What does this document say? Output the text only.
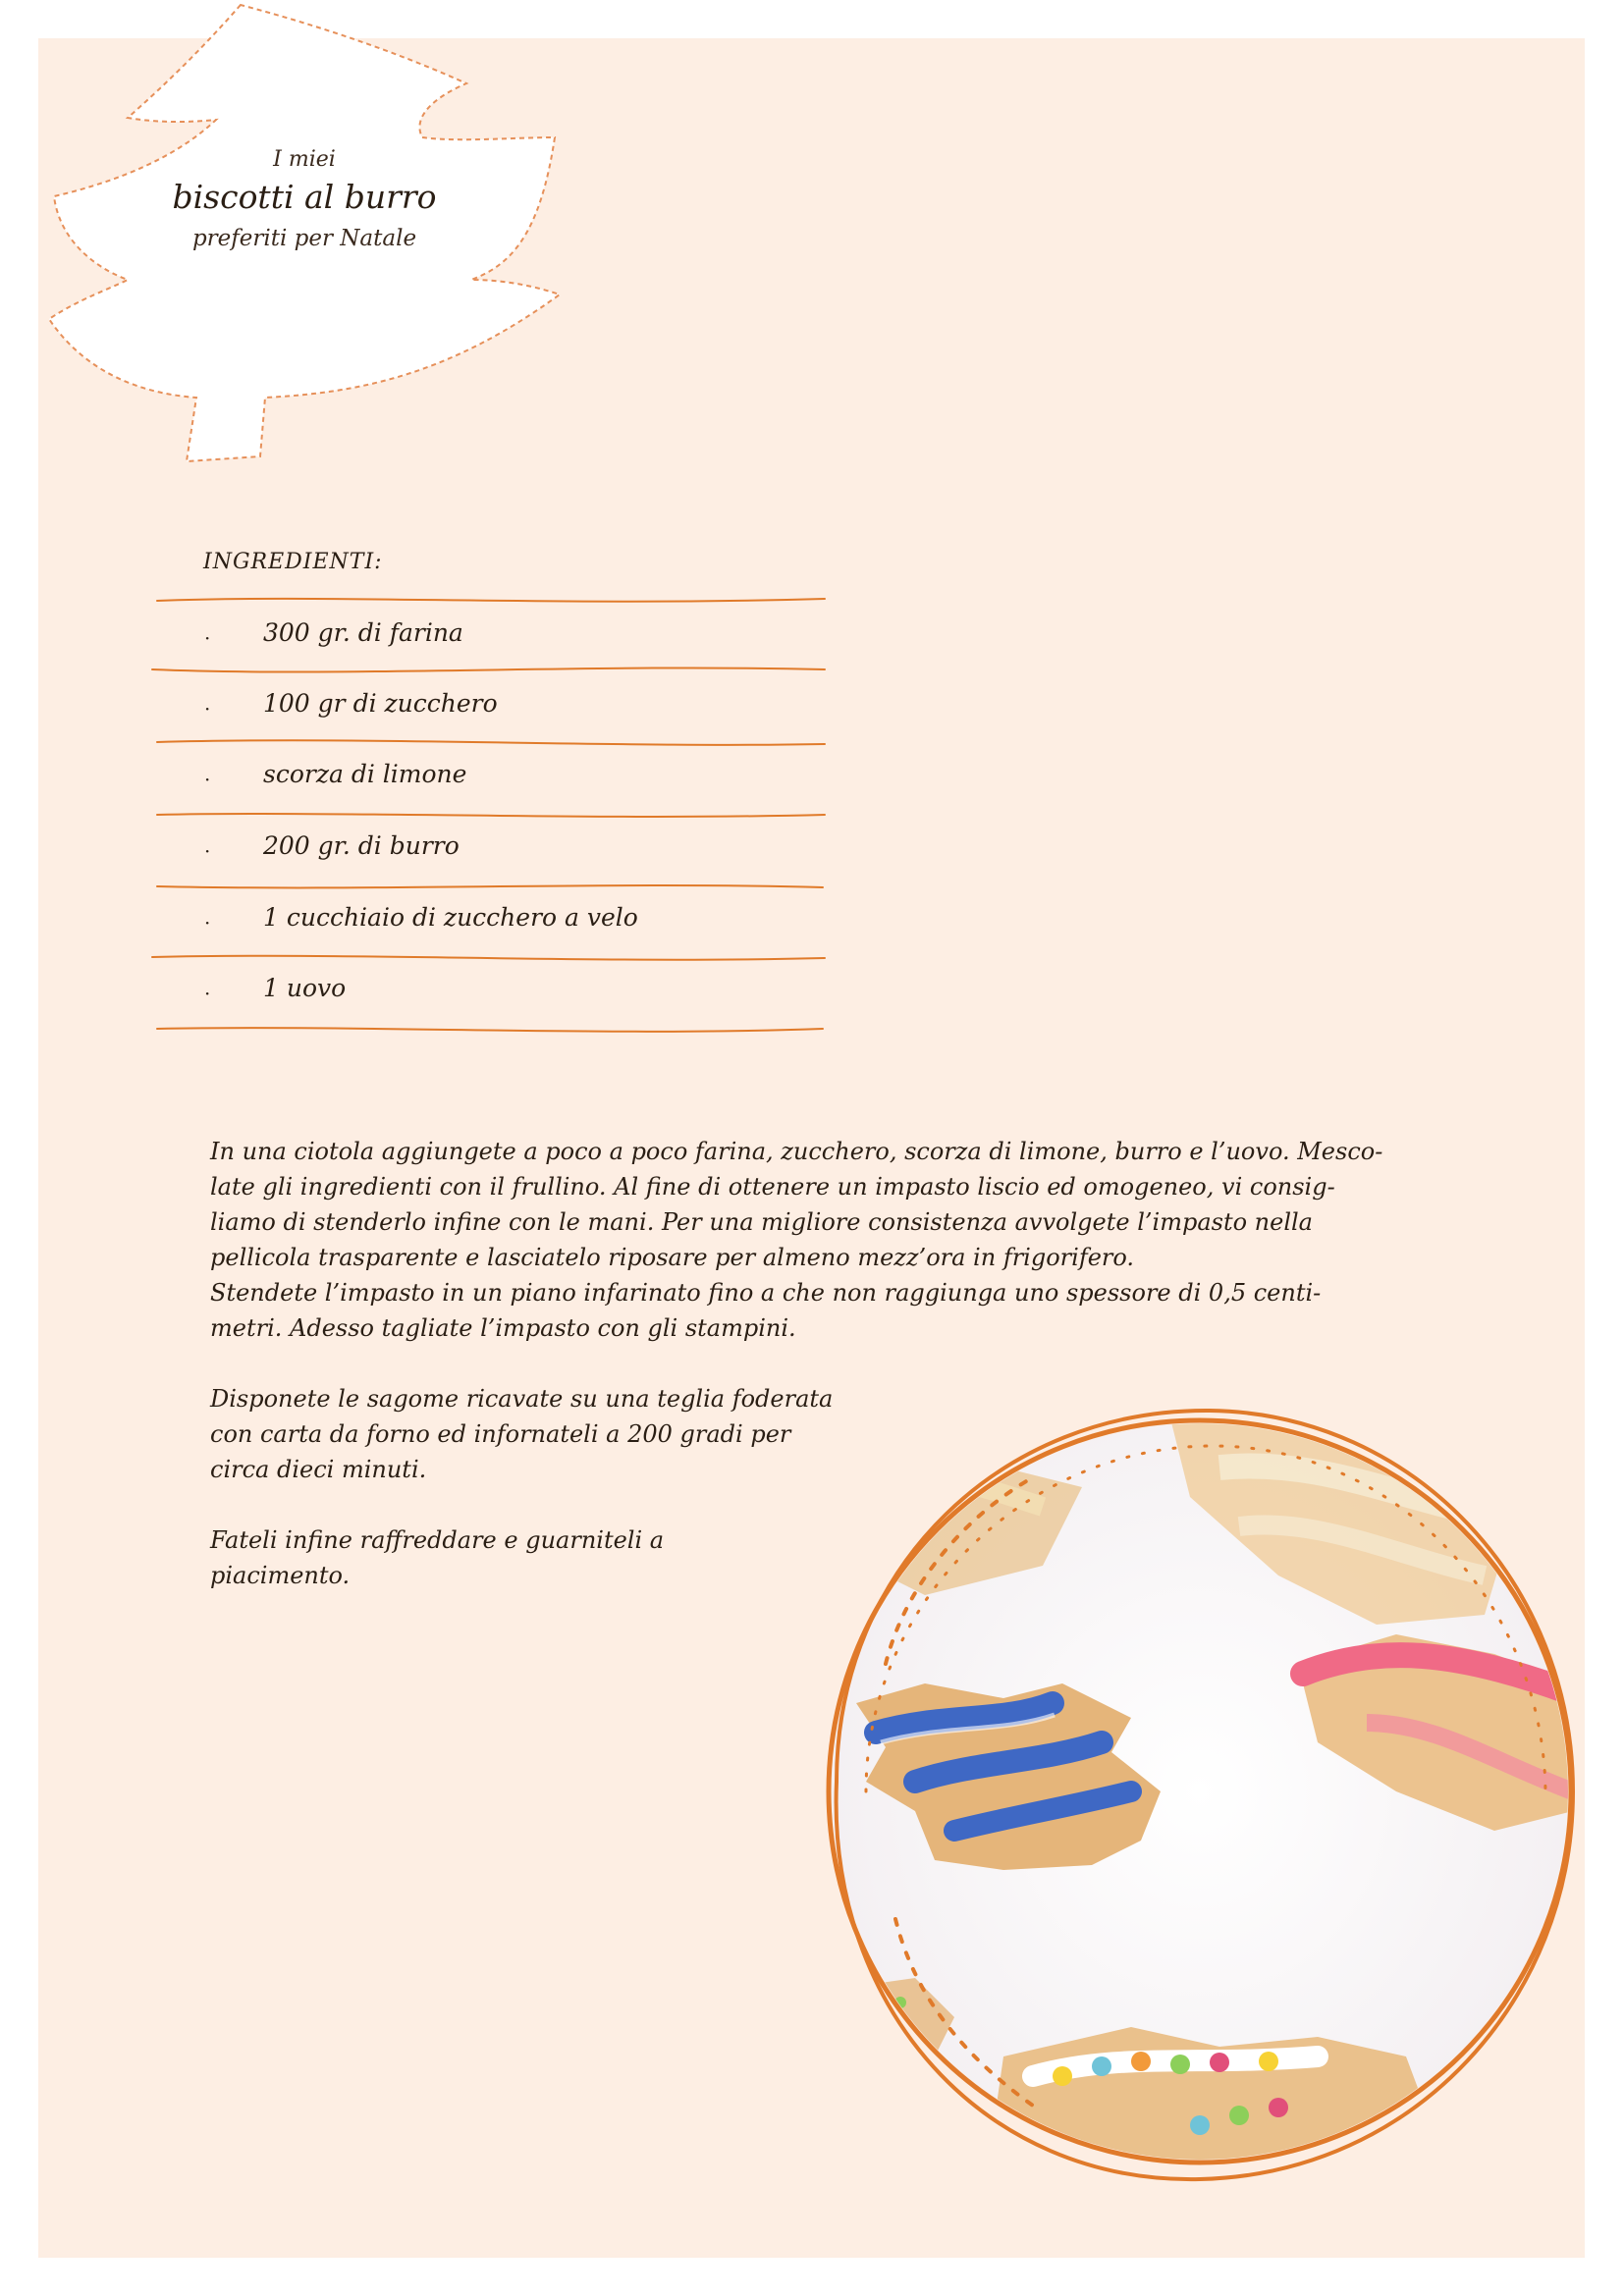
I miei
biscotti al burro
preferiti per Natale
INGREDIENTI:
· 300 gr. di farina
· 100 gr di zucchero
· scorza di limone
· 200 gr. di burro
· 1 cucchiaio di zucchero a velo
· 1 uovo

In una ciotola aggiungete a poco a poco farina, zucchero, scorza di limone, burro e l’uovo. Mesco-

late gli ingredienti con il frullino. Al fine di ottenere un impasto liscio ed omogeneo, vi consig-

liamo di stenderlo infine con le mani. Per una migliore consistenza avvolgete l’impasto nella

pellicola trasparente e lasciatelo riposare per almeno mezz’ora in frigorifero.

Stendete l’impasto in un piano infarinato fino a che non raggiunga uno spessore di 0,5 centi-

metri. Adesso tagliate l’impasto con gli stampini.

Disponete le sagome ricavate su una teglia foderata

con carta da forno ed infornateli a 200 gradi per

circa dieci minuti.

Fateli infine raffreddare e guarniteli a

piacimento.
